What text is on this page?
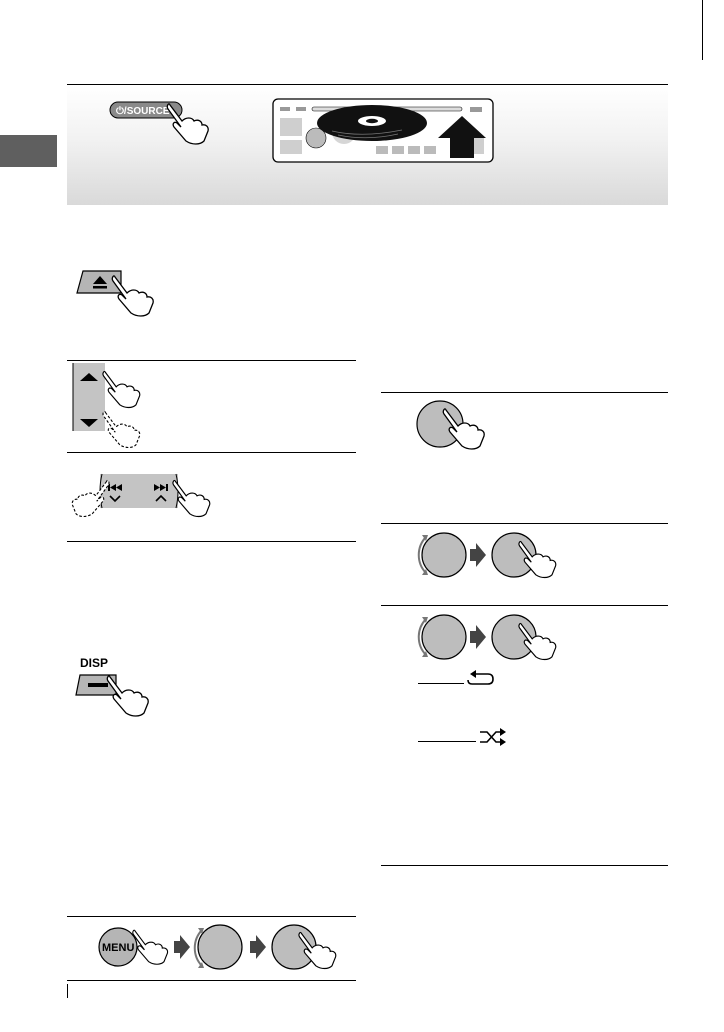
⏻/SOURCE
DISP
MENU
